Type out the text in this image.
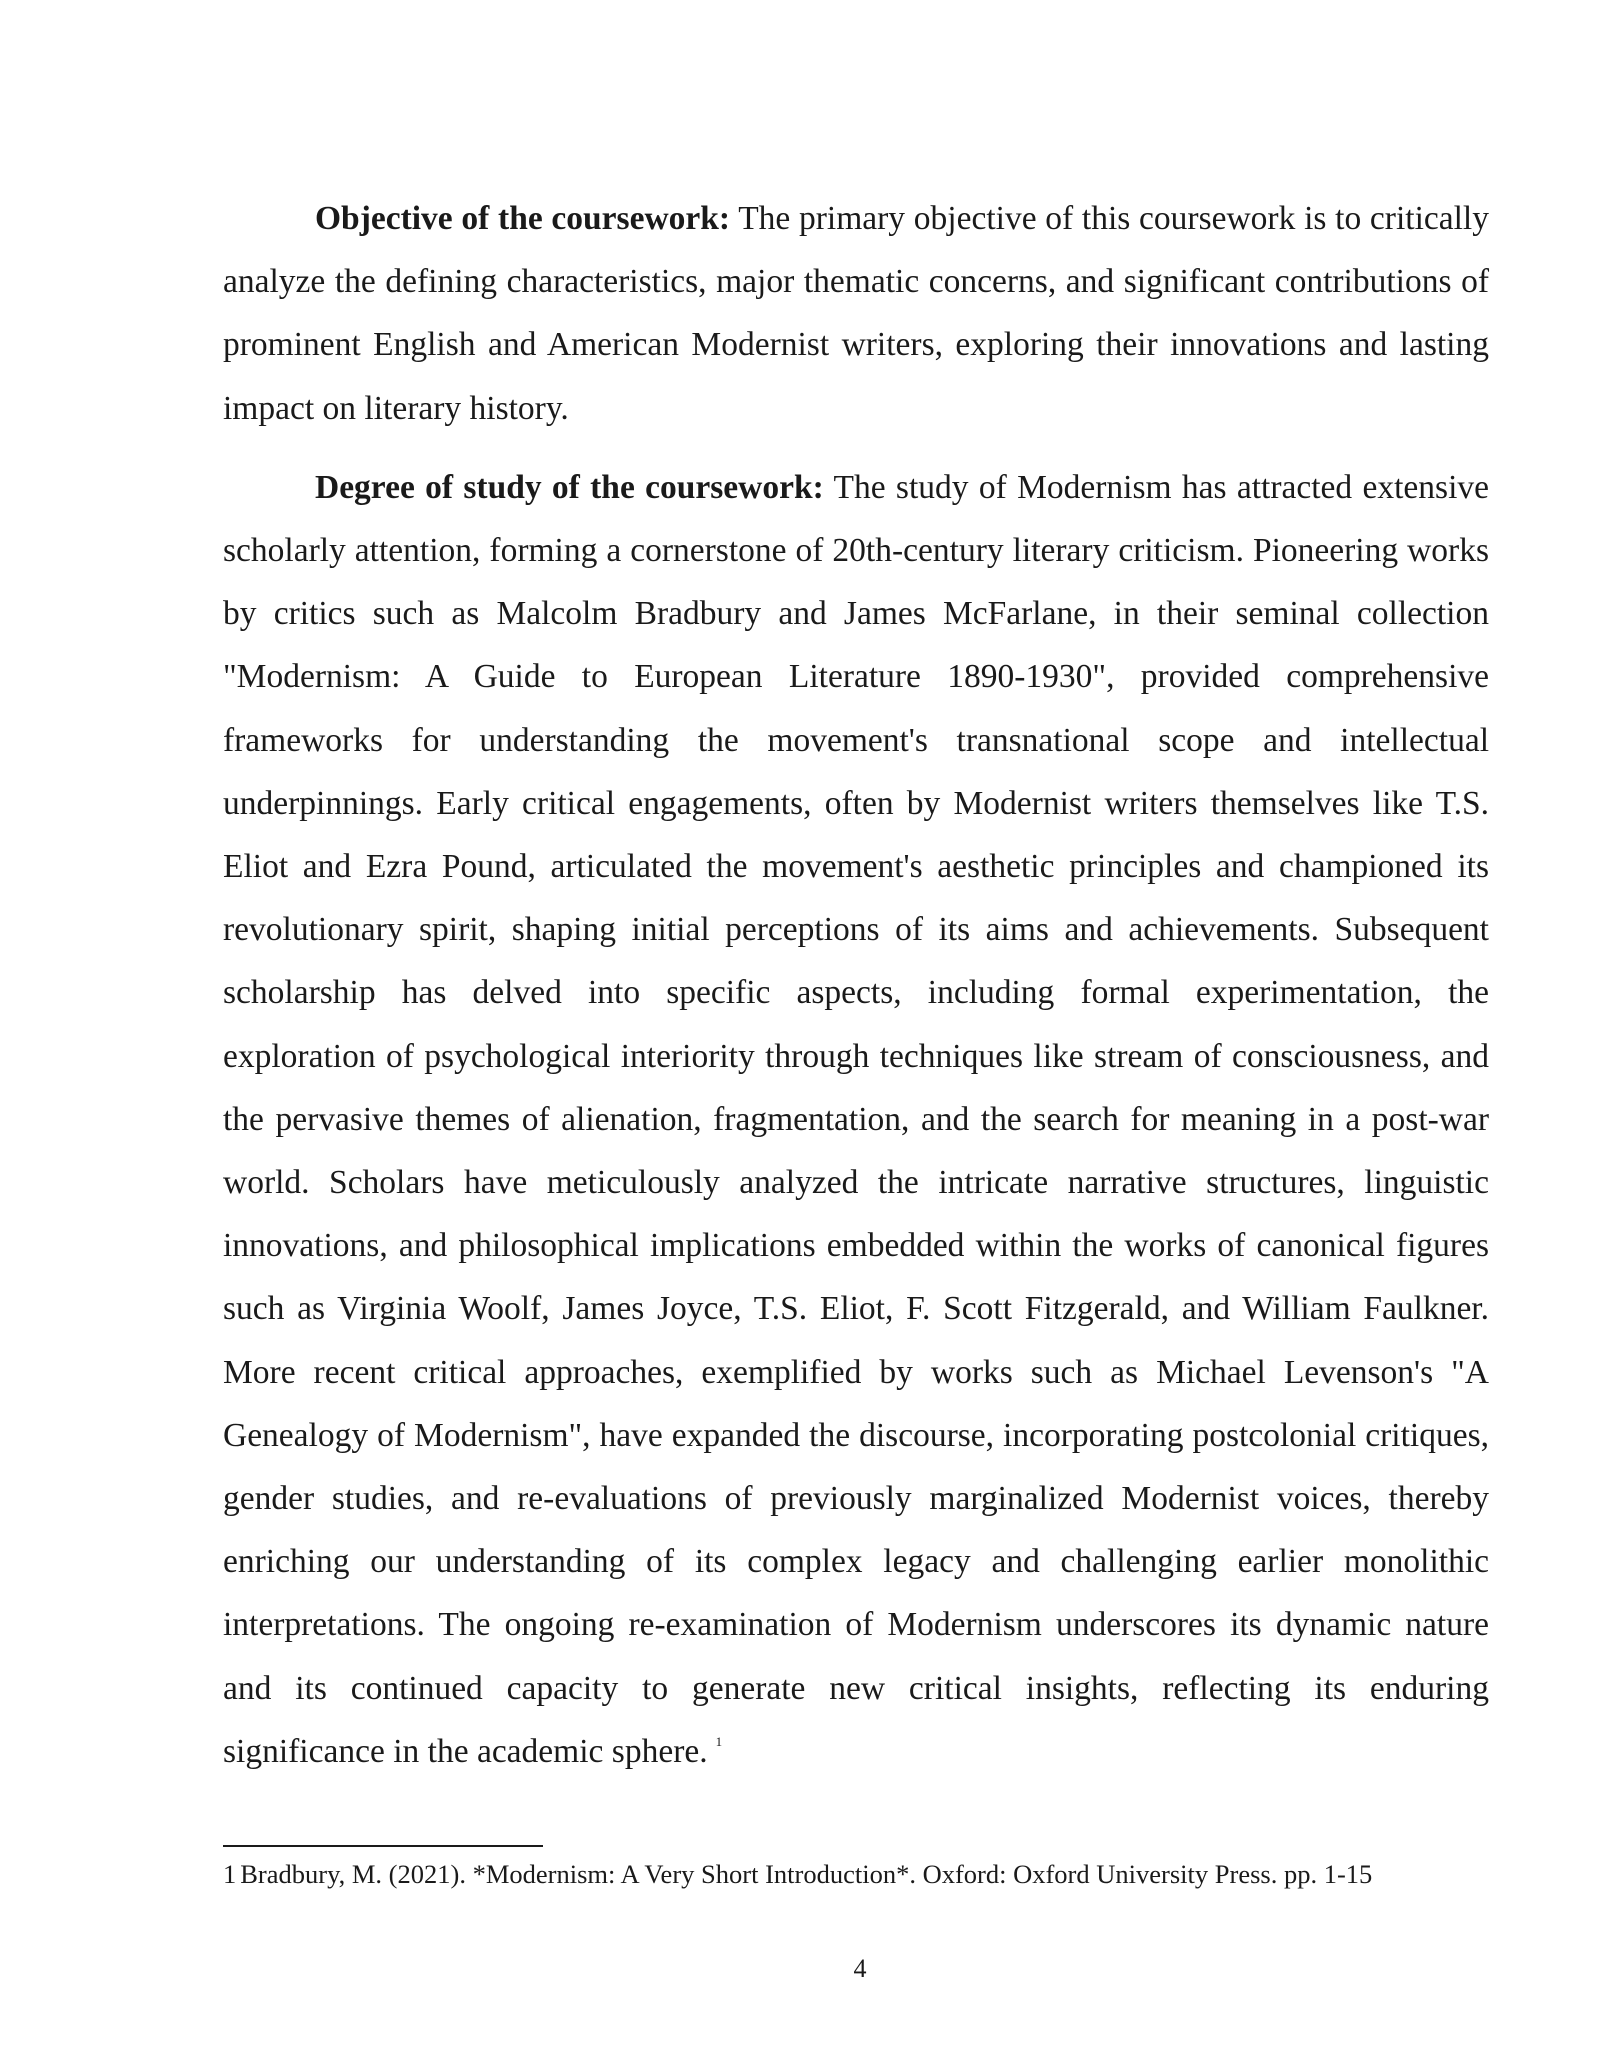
Objective of the coursework: The primary objective of this coursework is to critically analyze the defining characteristics, major thematic concerns, and significant contributions of prominent English and American Modernist writers, exploring their innovations and lasting impact on literary history.

Degree of study of the coursework: The study of Modernism has attracted extensive scholarly attention, forming a cornerstone of 20th-century literary criticism. Pioneering works by critics such as Malcolm Bradbury and James McFarlane, in their seminal collection "Modernism: A Guide to European Literature 1890-1930", provided comprehensive frameworks for understanding the movement's transnational scope and intellectual underpinnings. Early critical engagements, often by Modernist writers themselves like T.S. Eliot and Ezra Pound, articulated the movement's aesthetic principles and championed its revolutionary spirit, shaping initial perceptions of its aims and achievements. Subsequent scholarship has delved into specific aspects, including formal experimentation, the exploration of psychological interiority through techniques like stream of consciousness, and the pervasive themes of alienation, fragmentation, and the search for meaning in a post-war world. Scholars have meticulously analyzed the intricate narrative structures, linguistic innovations, and philosophical implications embedded within the works of canonical figures such as Virginia Woolf, James Joyce, T.S. Eliot, F. Scott Fitzgerald, and William Faulkner. More recent critical approaches, exemplified by works such as Michael Levenson's "A Genealogy of Modernism", have expanded the discourse, incorporating postcolonial critiques, gender studies, and re-evaluations of previously marginalized Modernist voices, thereby enriching our understanding of its complex legacy and challenging earlier monolithic interpretations. The ongoing re-examination of Modernism underscores its dynamic nature and its continued capacity to generate new critical insights, reflecting its enduring significance in the academic sphere. $^1$

1 Bradbury, M. (2021). *Modernism: A Very Short Introduction*. Oxford: Oxford University Press. pp. 1-15

4
